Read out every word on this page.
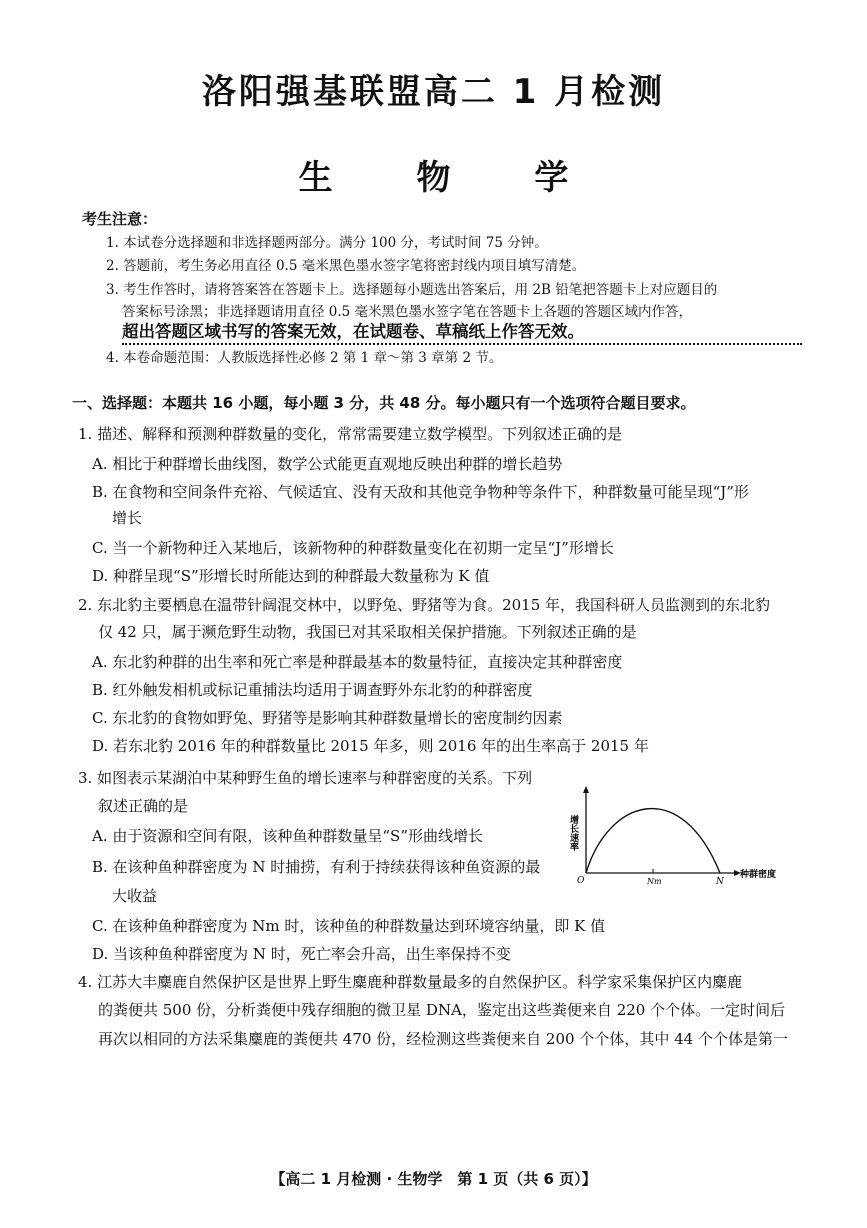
洛阳强基联盟高二 1 月检测
生 物 学
考生注意：
1. 本试卷分选择题和非选择题两部分。满分 100 分，考试时间 75 分钟。
2. 答题前，考生务必用直径 0.5 毫米黑色墨水签字笔将密封线内项目填写清楚。
3. 考生作答时，请将答案答在答题卡上。选择题每小题选出答案后，用 2B 铅笔把答题卡上对应题目的
答案标号涂黑；非选择题请用直径 0.5 毫米黑色墨水签字笔在答题卡上各题的答题区域内作答，
超出答题区域书写的答案无效，在试题卷、草稿纸上作答无效。
4. 本卷命题范围：人教版选择性必修 2 第 1 章～第 3 章第 2 节。
一、选择题：本题共 16 小题，每小题 3 分，共 48 分。每小题只有一个选项符合题目要求。
1. 描述、解释和预测种群数量的变化，常常需要建立数学模型。下列叙述正确的是
A. 相比于种群增长曲线图，数学公式能更直观地反映出种群的增长趋势
B. 在食物和空间条件充裕、气候适宜、没有天敌和其他竞争物种等条件下，种群数量可能呈现“J”形
增长
C. 当一个新物种迁入某地后，该新物种的种群数量变化在初期一定呈“J”形增长
D. 种群呈现“S”形增长时所能达到的种群最大数量称为 K 值
2. 东北豹主要栖息在温带针阔混交林中，以野兔、野猪等为食。2015 年，我国科研人员监测到的东北豹
仅 42 只，属于濒危野生动物，我国已对其采取相关保护措施。下列叙述正确的是
A. 东北豹种群的出生率和死亡率是种群最基本的数量特征，直接决定其种群密度
B. 红外触发相机或标记重捕法均适用于调查野外东北豹的种群密度
C. 东北豹的食物如野兔、野猪等是影响其种群数量增长的密度制约因素
D. 若东北豹 2016 年的种群数量比 2015 年多，则 2016 年的出生率高于 2015 年
3. 如图表示某湖泊中某种野生鱼的增长速率与种群密度的关系。下列
叙述正确的是
A. 由于资源和空间有限，该种鱼种群数量呈“S”形曲线增长
B. 在该种鱼种群密度为 N 时捕捞，有利于持续获得该种鱼资源的最
大收益
C. 在该种鱼种群密度为 Nm 时，该种鱼的种群数量达到环境容纳量，即 K 值
D. 当该种鱼种群密度为 N 时，死亡率会升高，出生率保持不变
增长速率
种群密度
O	Nm	N
4. 江苏大丰麋鹿自然保护区是世界上野生麋鹿种群数量最多的自然保护区。科学家采集保护区内麋鹿
的粪便共 500 份，分析粪便中残存细胞的微卫星 DNA，鉴定出这些粪便来自 220 个个体。一定时间后
再次以相同的方法采集麋鹿的粪便共 470 份，经检测这些粪便来自 200 个个体，其中 44 个个体是第一
【高二 1 月检测 · 生物学　第 1 页（共 6 页）】
